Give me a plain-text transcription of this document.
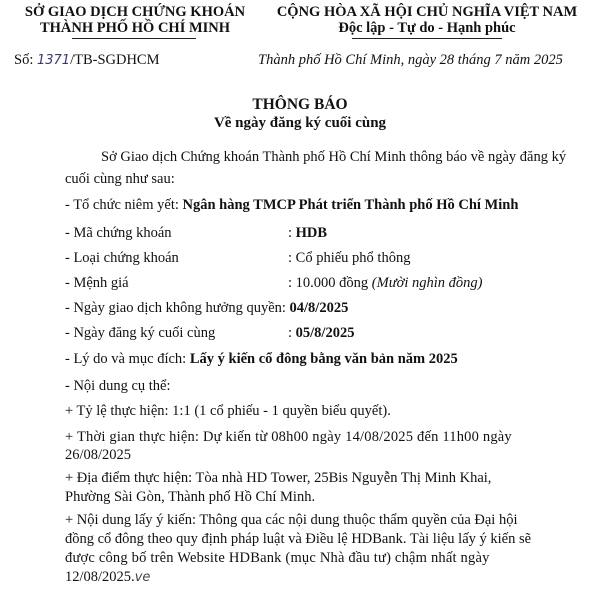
SỞ GIAO DỊCH CHỨNG KHOÁN
THÀNH PHỐ HỒ CHÍ MINH
CỘNG HÒA XÃ HỘI CHỦ NGHĨA VIỆT NAM
Độc lập - Tự do - Hạnh phúc
Số: 1371/TB-SGDHCM	Thành phố Hồ Chí Minh, ngày 28 tháng 7 năm 2025
THÔNG BÁO
Về ngày đăng ký cuối cùng
Sở Giao dịch Chứng khoán Thành phố Hồ Chí Minh thông báo về ngày đăng ký
cuối cùng như sau:
- Tổ chức niêm yết: Ngân hàng TMCP Phát triển Thành phố Hồ Chí Minh
- Mã chứng khoán	: HDB
- Loại chứng khoán	: Cổ phiếu phổ thông
- Mệnh giá	: 10.000 đồng (Mười nghìn đồng)
- Ngày giao dịch không hưởng quyền: 04/8/2025
- Ngày đăng ký cuối cùng	: 05/8/2025
- Lý do và mục đích: Lấy ý kiến cổ đông bằng văn bản năm 2025
- Nội dung cụ thể:
+ Tỷ lệ thực hiện: 1:1 (1 cổ phiếu - 1 quyền biểu quyết).
+ Thời gian thực hiện: Dự kiến từ 08h00 ngày 14/08/2025 đến 11h00 ngày
26/08/2025
+ Địa điểm thực hiện: Tòa nhà HD Tower, 25Bis Nguyễn Thị Minh Khai,
Phường Sài Gòn, Thành phố Hồ Chí Minh.
+ Nội dung lấy ý kiến: Thông qua các nội dung thuộc thẩm quyền của Đại hội
đồng cổ đông theo quy định pháp luật và Điều lệ HDBank. Tài liệu lấy ý kiến sẽ
được công bố trên Website HDBank (mục Nhà đầu tư) chậm nhất ngày
12/08/2025.ve
